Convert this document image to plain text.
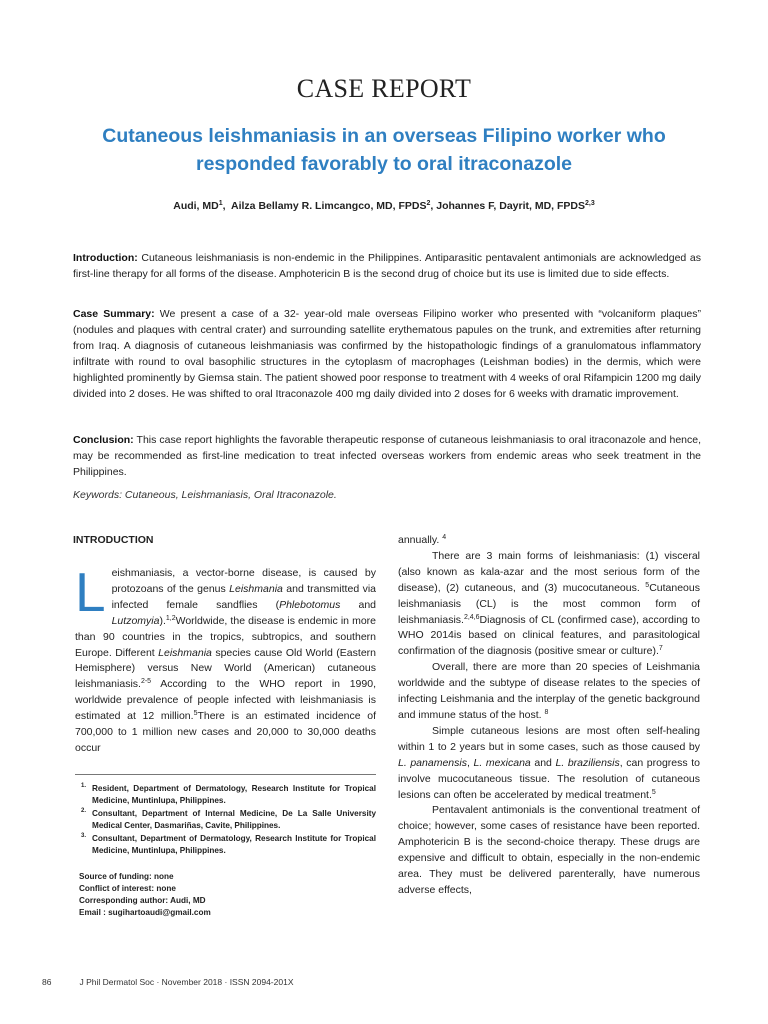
CASE REPORT
Cutaneous leishmaniasis in an overseas Filipino worker who responded favorably to oral itraconazole
Audi, $MD^1$,  Ailza Bellamy R. Limcangco, MD, FPDS$^2$, Johannes F, Dayrit, MD, FPDS$^{2,3}$

Introduction: Cutaneous leishmaniasis is non-endemic in the Philippines. Antiparasitic pentavalent antimonials are acknowledged as first-line therapy for all forms of the disease. Amphotericin B is the second drug of choice but its use is limited due to side effects.

Case Summary: We present a case of a 32- year-old male overseas Filipino worker who presented with “volcaniform plaques” (nodules and plaques with central crater) and surrounding satellite erythematous papules on the trunk, and extremities after returning from Iraq. A diagnosis of cutaneous leishmaniasis was confirmed by the histopathologic findings of a granulomatous inflammatory infiltrate with round to oval basophilic structures in the cytoplasm of macrophages (Leishman bodies) in the dermis, which were highlighted prominently by Giemsa stain. The patient showed poor response to treatment with 4 weeks of oral Rifampicin 1200 mg daily divided into 2 doses. He was shifted to oral Itraconazole 400 mg daily divided into 2 doses for 6 weeks with dramatic improvement.

Conclusion: This case report highlights the favorable therapeutic response of cutaneous leishmaniasis to oral itraconazole and hence, may be recommended as first-line medication to treat infected overseas workers from endemic areas who seek treatment in the Philippines.

Keywords: Cutaneous, Leishmaniasis, Oral Itraconazole.
INTRODUCTION

Leishmaniasis, a vector-borne disease, is caused by protozoans of the genus Leishmania and transmitted via infected female sandflies (Phlebotomus and Lutzomyia).$^{1,2}$Worldwide, the disease is endemic in more than 90 countries in the tropics, subtropics, and southern Europe. Different Leishmania species cause Old World (Eastern Hemisphere) versus New World (American) cutaneous leishmaniasis.$^{2-5}$ According to the WHO report in 1990, worldwide prevalence of people infected with leishmaniasis is estimated at 12 million.$^5$There is an estimated incidence of 700,000 to 1 million new cases and 20,000 to 30,000 deaths occur

1. Resident, Department of Dermatology, Research Institute for Tropical Medicine, Muntinlupa, Philippines.
2. Consultant, Department of Internal Medicine, De La Salle University Medical Center, Dasmariñas, Cavite, Philippines.
3. Consultant, Department of Dermatology, Research Institute for Tropical Medicine, Muntinlupa, Philippines.
Source of funding: none
Conflict of interest: none
Corresponding author: Audi, MD
Email : sugihartoaudi@gmail.com

annually. $^4$

There are 3 main forms of leishmaniasis: (1) visceral (also known as kala-azar and the most serious form of the disease), (2) cutaneous, and (3) mucocutaneous. $^5$Cutaneous leishmaniasis (CL) is the most common form of leishmaniasis.$^{2,4,6}$Diagnosis of CL (confirmed case), according to WHO 2014is based on clinical features, and parasitological confirmation of the diagnosis (positive smear or culture).$^7$

Overall, there are more than 20 species of Leishmania worldwide and the subtype of disease relates to the species of infecting Leishmania and the interplay of the genetic background and immune status of the host. $^8$

Simple cutaneous lesions are most often self-healing within 1 to 2 years but in some cases, such as those caused by L. panamensis, L. mexicana and L. braziliensis, can progress to involve mucocutaneous tissue. The resolution of cutaneous lesions can often be accelerated by medical treatment.$^5$

Pentavalent antimonials is the conventional treatment of choice; however, some cases of resistance have been reported. Amphotericin B is the second-choice therapy. These drugs are expensive and difficult to obtain, especially in the non-endemic area. They must be delivered parenterally, have numerous adverse effects,

86	J Phil Dermatol Soc · November 2018 · ISSN 2094-201X
